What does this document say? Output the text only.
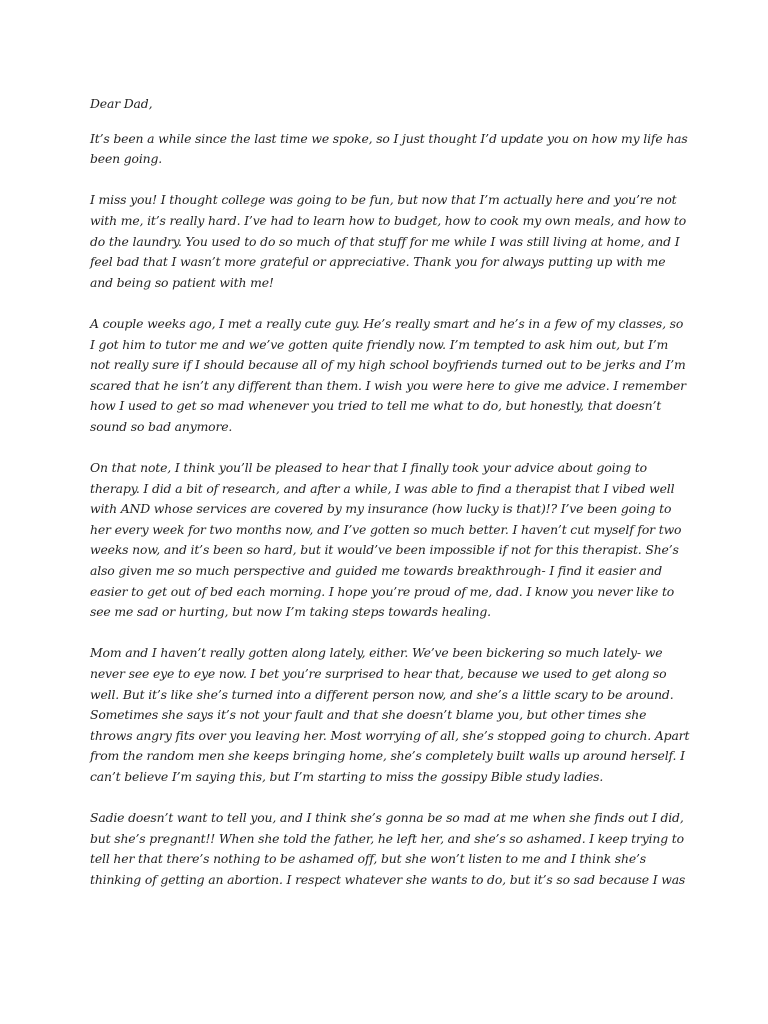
Dear Dad,

It’s been a while since the last time we spoke, so I just thought I’d update you on how my life has been going.

I miss you! I thought college was going to be fun, but now that I’m actually here and you’re not with me, it’s really hard. I’ve had to learn how to budget, how to cook my own meals, and how to do the laundry. You used to do so much of that stuff for me while I was still living at home, and I feel bad that I wasn’t more grateful or appreciative. Thank you for always putting up with me and being so patient with me!

A couple weeks ago, I met a really cute guy. He’s really smart and he’s in a few of my classes, so I got him to tutor me and we’ve gotten quite friendly now. I’m tempted to ask him out, but I’m not really sure if I should because all of my high school boyfriends turned out to be jerks and I’m scared that he isn’t any different than them. I wish you were here to give me advice. I remember how I used to get so mad whenever you tried to tell me what to do, but honestly, that doesn’t sound so bad anymore.

On that note, I think you’ll be pleased to hear that I finally took your advice about going to therapy. I did a bit of research, and after a while, I was able to find a therapist that I vibed well with AND whose services are covered by my insurance (how lucky is that)!? I’ve been going to her every week for two months now, and I’ve gotten so much better. I haven’t cut myself for two weeks now, and it’s been so hard, but it would’ve been impossible if not for this therapist. She’s also given me so much perspective and guided me towards breakthrough- I find it easier and easier to get out of bed each morning. I hope you’re proud of me, dad. I know you never like to see me sad or hurting, but now I’m taking steps towards healing.

Mom and I haven’t really gotten along lately, either. We’ve been bickering so much lately- we never see eye to eye now. I bet you’re surprised to hear that, because we used to get along so well. But it’s like she’s turned into a different person now, and she’s a little scary to be around. Sometimes she says it’s not your fault and that she doesn’t blame you, but other times she throws angry fits over you leaving her. Most worrying of all, she’s stopped going to church. Apart from the random men she keeps bringing home, she’s completely built walls up around herself. I can’t believe I’m saying this, but I’m starting to miss the gossipy Bible study ladies.

Sadie doesn’t want to tell you, and I think she’s gonna be so mad at me when she finds out I did, but she’s pregnant!! When she told the father, he left her, and she’s so ashamed. I keep trying to tell her that there’s nothing to be ashamed off, but she won’t listen to me and I think she’s thinking of getting an abortion. I respect whatever she wants to do, but it’s so sad because I was
